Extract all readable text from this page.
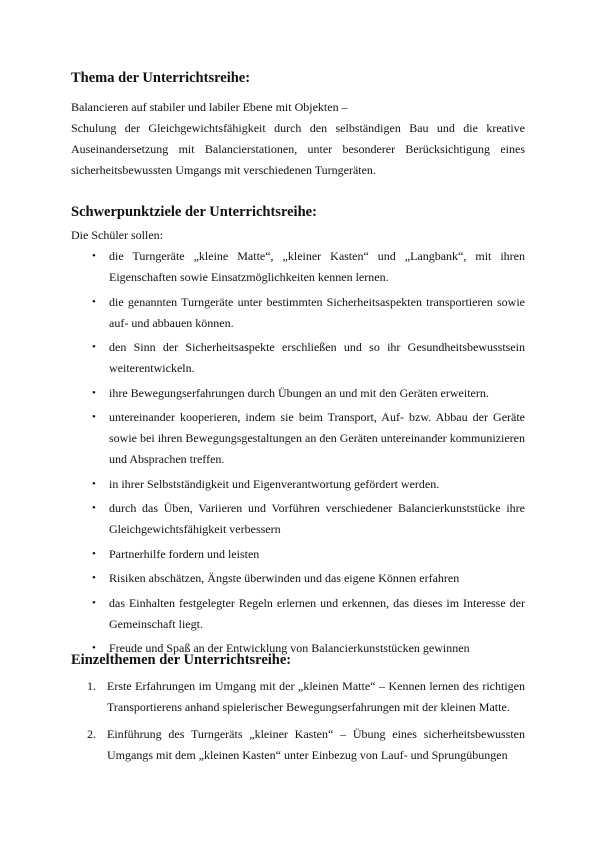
Thema der Unterrichtsreihe:

Balancieren auf stabiler und labiler Ebene mit Objekten –

Schulung der Gleichgewichtsfähigkeit durch den selbständigen Bau und die kreative Auseinandersetzung mit Balancierstationen, unter besonderer Berücksichtigung eines sicherheitsbewussten Umgangs mit verschiedenen Turngeräten.

Schwerpunktziele der Unterrichtsreihe:

Die Schüler sollen:

• die Turngeräte „kleine Matte“, „kleiner Kasten“ und „Langbank“, mit ihren Eigenschaften sowie Einsatzmöglichkeiten kennen lernen.
• die genannten Turngeräte unter bestimmten Sicherheitsaspekten transportieren sowie auf- und abbauen können.
• den Sinn der Sicherheitsaspekte erschließen und so ihr Gesundheitsbewusstsein weiterentwickeln.
• ihre Bewegungserfahrungen durch Übungen an und mit den Geräten erweitern.
• untereinander kooperieren, indem sie beim Transport, Auf- bzw. Abbau der Geräte sowie bei ihren Bewegungsgestaltungen an den Geräten untereinander kommunizieren und Absprachen treffen.
• in ihrer Selbstständigkeit und Eigenverantwortung gefördert werden.
• durch das Üben, Variieren und Vorführen verschiedener Balancierkunststücke ihre Gleichgewichtsfähigkeit verbessern
• Partnerhilfe fordern und leisten
• Risiken abschätzen, Ängste überwinden und das eigene Können erfahren
• das Einhalten festgelegter Regeln erlernen und erkennen, das dieses im Interesse der Gemeinschaft liegt.
• Freude und Spaß an der Entwicklung von Balancierkunststücken gewinnen
Einzelthemen der Unterrichtsreihe:
1. Erste Erfahrungen im Umgang mit der „kleinen Matte“ – Kennen lernen des richtigen Transportierens anhand spielerischer Bewegungserfahrungen mit der kleinen Matte.
2. Einführung des Turngeräts „kleiner Kasten“ – Übung eines sicherheitsbewussten Umgangs mit dem „kleinen Kasten“ unter Einbezug von Lauf- und Sprungübungen
